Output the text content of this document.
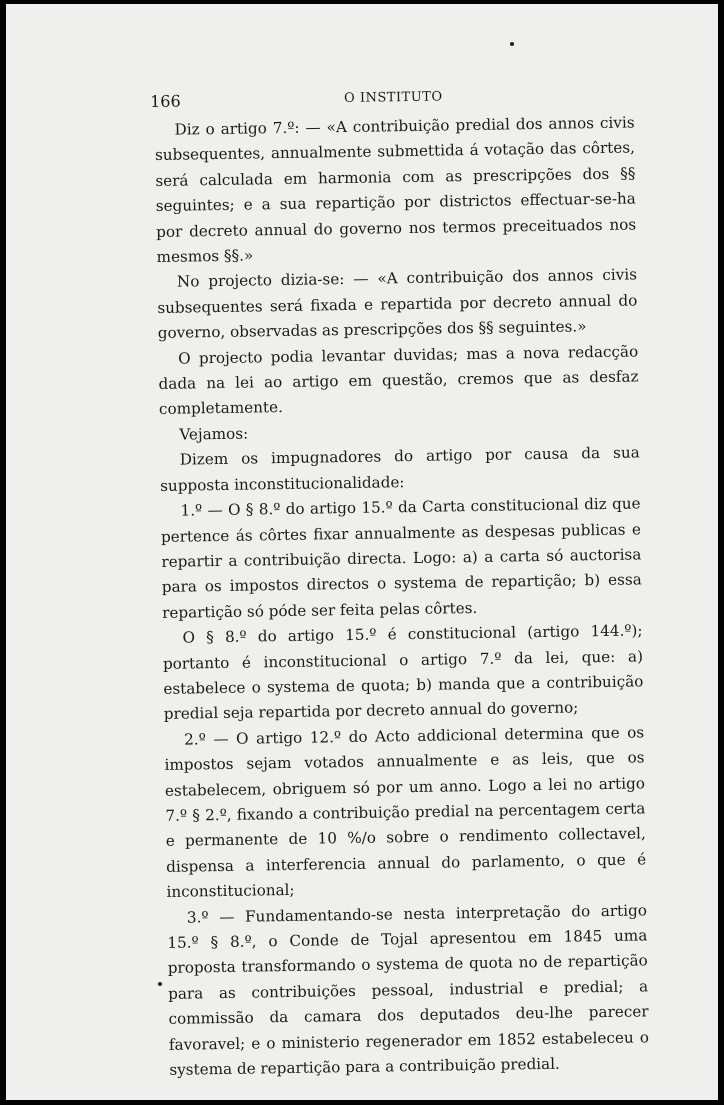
166	O INSTITUTO

Diz o artigo 7.º: — «A contribuição predial dos annos civis subsequentes, annualmente submettida á votação das côrtes, será calculada em harmonia com as prescripções dos §§ seguintes; e a sua repartição por districtos effectuar-se-ha por decreto annual do governo nos termos preceituados nos mesmos §§.»

No projecto dizia-se: — «A contribuição dos annos civis subsequentes será fixada e repartida por decreto annual do governo, observadas as prescripções dos §§ seguintes.»

O projecto podia levantar duvidas; mas a nova redacção dada na lei ao artigo em questão, cremos que as desfaz completamente.

Vejamos:

Dizem os impugnadores do artigo por causa da sua supposta inconstitucionalidade:

1.º — O § 8.º do artigo 15.º da Carta constitucional diz que pertence ás côrtes fixar annualmente as despesas publicas e repartir a contribuição directa. Logo: a) a carta só auctorisa para os impostos directos o systema de repartição; b) essa repartição só póde ser feita pelas côrtes.

O § 8.º do artigo 15.º é constitucional (artigo 144.º); portanto é inconstitucional o artigo 7.º da lei, que: a) estabelece o systema de quota; b) manda que a contribuição predial seja repartida por decreto annual do governo;

2.º — O artigo 12.º do Acto addicional determina que os impostos sejam votados annualmente e as leis, que os estabelecem, obriguem só por um anno. Logo a lei no artigo 7.º § 2.º, fixando a contribuição predial na percentagem certa e permanente de 10 %/o sobre o rendimento collectavel, dispensa a interferencia annual do parlamento, o que é inconstitucional;

3.º — Fundamentando-se nesta interpretação do artigo 15.º § 8.º, o Conde de Tojal apresentou em 1845 uma proposta transformando o systema de quota no de repartição para as contribuições pessoal, industrial e predial; a commissão da camara dos deputados deu-lhe parecer favoravel; e o ministerio regenerador em 1852 estabeleceu o systema de repartição para a contribuição predial.
